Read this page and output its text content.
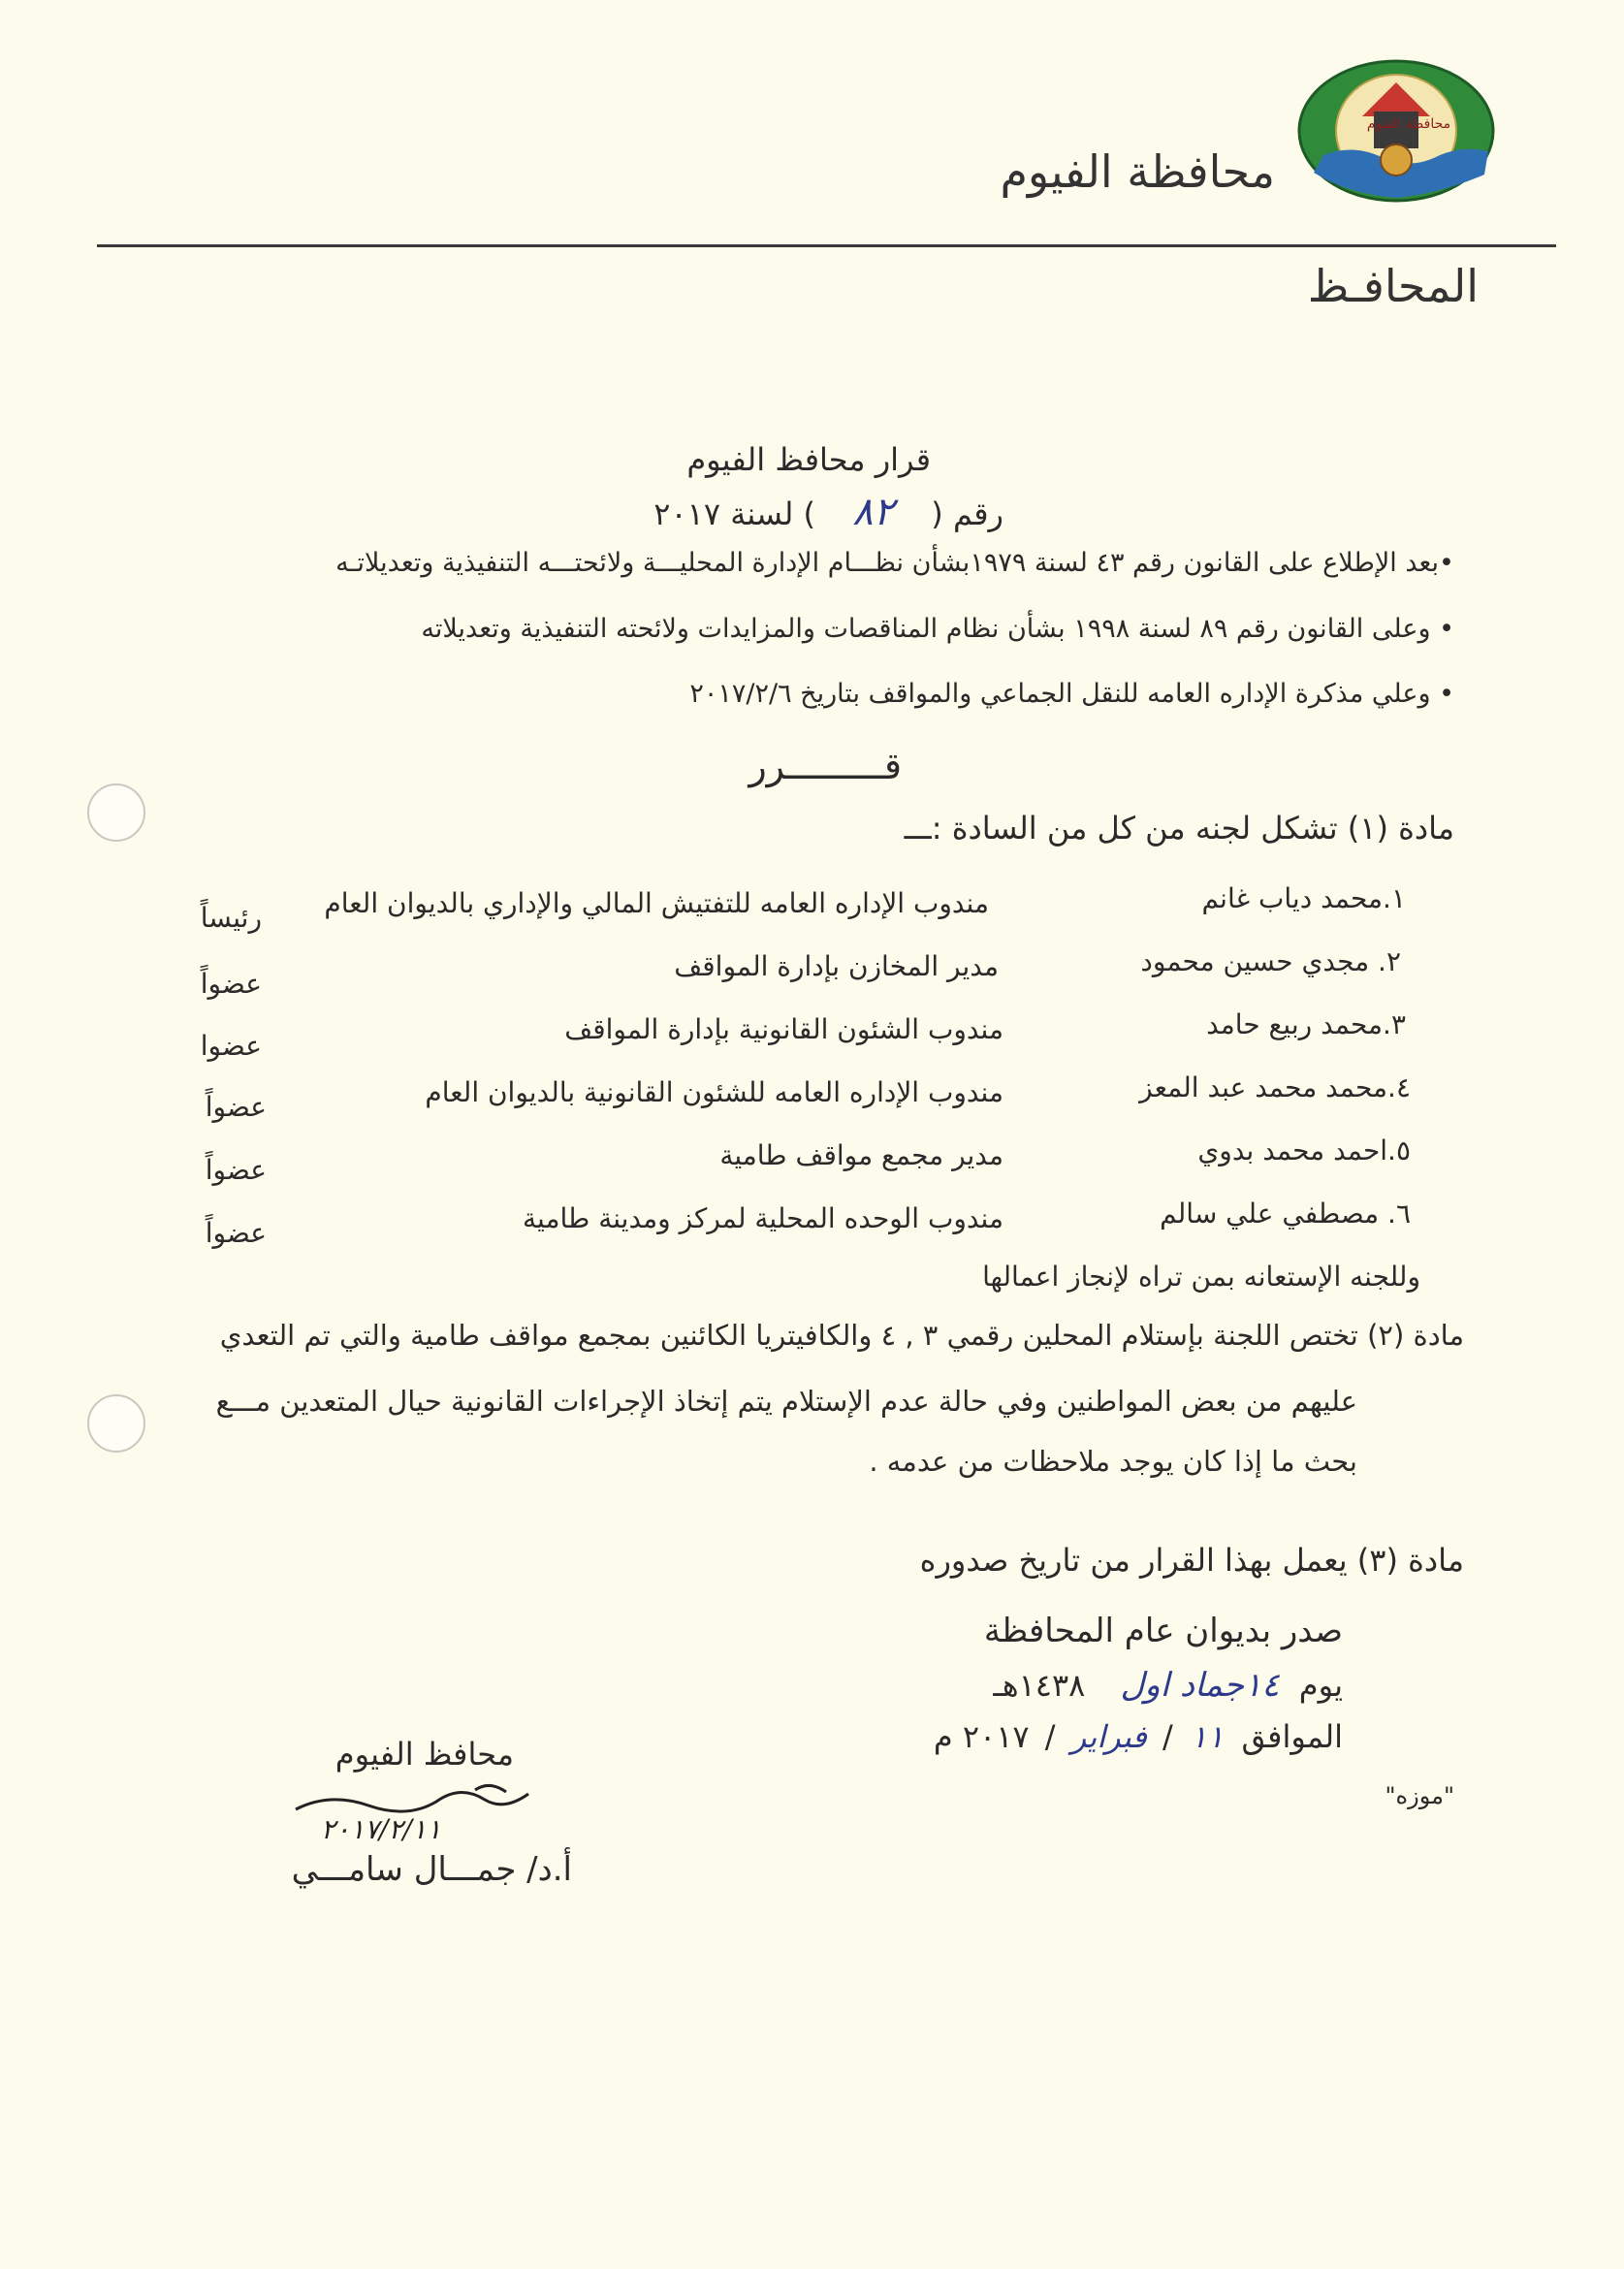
محافظة الفيوم
محافظة الفيوم
المحافـظ
قرار محافظ الفيوم
رقم ( ٨٢ ) لسنة ٢٠١٧
•بعد الإطلاع على القانون رقم ٤٣ لسنة ١٩٧٩بشأن نظـــام الإدارة المحليـــة ولائحتـــه التنفيذية وتعديلاتـه
• وعلى القانون رقم ٨٩ لسنة ١٩٩٨ بشأن نظام المناقصات والمزايدات ولائحته التنفيذية وتعديلاته
• وعلي مذكرة الإداره العامه للنقل الجماعي والمواقف بتاريخ ٢٠١٧/٢/٦
قـــــــــرر
مادة (١) تشكل لجنه من كل من السادة :ـــ
١.محمد دياب غانم
مندوب الإداره العامه للتفتيش المالي والإداري بالديوان العام
رئيساً
٢. مجدي حسين محمود
مدير المخازن بإدارة المواقف
عضواً
٣.محمد ربيع حامد
مندوب الشئون القانونية بإدارة المواقف
عضوا
٤.محمد محمد عبد المعز
مندوب الإداره العامه للشئون القانونية بالديوان العام
عضواً
٥.احمد محمد بدوي
مدير مجمع مواقف طامية
عضواً
٦. مصطفي علي سالم
مندوب الوحده المحلية لمركز ومدينة طامية
عضواً
وللجنه الإستعانه بمن تراه لإنجاز اعمالها
مادة (٢) تختص اللجنة بإستلام المحلين رقمي ٣ , ٤ والكافيتريا الكائنين بمجمع مواقف طامية والتي تم التعدي
عليهم من بعض المواطنين وفي حالة عدم الإستلام يتم إتخاذ الإجراءات القانونية حيال المتعدين مـــع
بحث ما إذا كان يوجد ملاحظات من عدمه .
مادة (٣) يعمل بهذا القرار من تاريخ صدوره
صدر بديوان عام المحافظة
يوم ١٤جماد اول ١٤٣٨هـ
الموافق ١١ / فبراير / ٢٠١٧ م
"موزه"
محافظ الفيوم
٢٠١٧/٢/١١
أ.د/ جمـــال سامـــي
